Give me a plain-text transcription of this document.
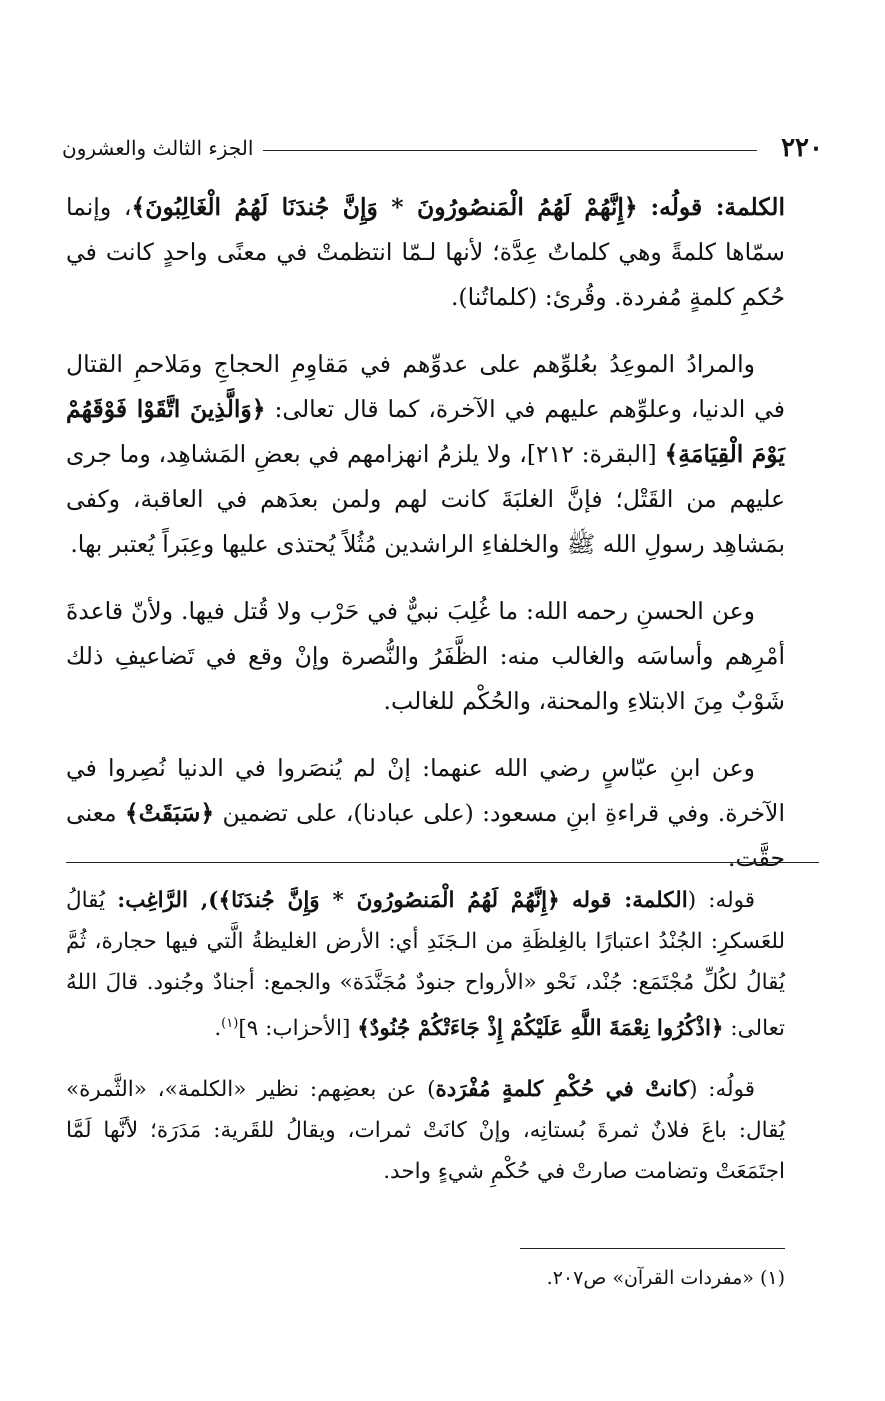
٢٢٠
الجزء الثالث والعشرون

الكلمة: قولُه: ﴿إِنَّهُمْ لَهُمُ الْمَنصُورُونَ * وَإِنَّ جُندَنَا لَهُمُ الْغَالِبُونَ﴾، وإنما سمّاها كلمةً وهي كلماتٌ عِدَّة؛ لأنها لـمّا انتظمتْ في معنًى واحدٍ كانت في حُكمِ كلمةٍ مُفردة. وقُرئ: (كلماتُنا).

والمرادُ الموعِدُ بعُلوِّهم على عدوِّهم في مَقاوِمِ الحجاجِ ومَلاحمِ القتال في الدنيا، وعلوِّهم عليهم في الآخرة، كما قال تعالى: ﴿وَالَّذِينَ اتَّقَوْا فَوْقَهُمْ يَوْمَ الْقِيَامَةِ﴾ [البقرة: ٢١٢]، ولا يلزمُ انهزامهم في بعضِ المَشاهِد، وما جرى عليهم من القَتْل؛ فإنَّ الغلبَةَ كانت لهم ولمن بعدَهم في العاقبة، وكفى بمَشاهِد رسولِ الله ﷺ والخلفاءِ الراشدين مُثُلاً يُحتذى عليها وعِبَراً يُعتبر بها.

وعن الحسنِ رحمه الله: ما غُلِبَ نبيٌّ في حَرْب ولا قُتل فيها. ولأنّ قاعدةَ أمْرِهم وأساسَه والغالب منه: الظَّفَرُ والنُّصرة وإنْ وقع في تَضاعيفِ ذلك شَوْبٌ مِنَ الابتلاءِ والمحنة، والحُكْم للغالب.

وعن ابنِ عبّاسٍ رضي الله عنهما: إنْ لم يُنصَروا في الدنيا نُصِروا في الآخرة. وفي قراءةِ ابنِ مسعود: (على عبادنا)، على تضمين ﴿سَبَقَتْ﴾ معنى حقَّت.

قوله: (الكلمة: قوله ﴿إِنَّهُمْ لَهُمُ الْمَنصُورُونَ * وَإِنَّ جُندَنَا﴾), الرَّاغِب: يُقالُ للعَسكرِ: الجُنْدُ اعتبارًا بالغِلظَةِ من الـجَنَدِ أي: الأرض الغليظةُ الَّتي فيها حجارة، ثُمَّ يُقالُ لكُلِّ مُجْتَمَع: جُنْد، نَحْو «الأرواح جنودٌ مُجَنَّدَة» والجمع: أجنادٌ وجُنود. قالَ اللهُ تعالى: ﴿اذْكُرُوا نِعْمَةَ اللَّهِ عَلَيْكُمْ إِذْ جَاءَتْكُمْ جُنُودٌ﴾ [الأحزاب: ٩]$^{(١)}$.

قولُه: (كانتْ في حُكْمِ كلمةٍ مُفْرَدة) عن بعضِهم: نظير «الكلمة»، «الثَّمرة» يُقال: باعَ فلانٌ ثمرةَ بُستانِه، وإنْ كانَتْ ثمرات، ويقالُ للقَرية: مَدَرَة؛ لأنَّها لَمَّا اجتَمَعَتْ وتضامت صارتْ في حُكْمِ شيءٍ واحد.

(١) «مفردات القرآن» ص٢٠٧.
